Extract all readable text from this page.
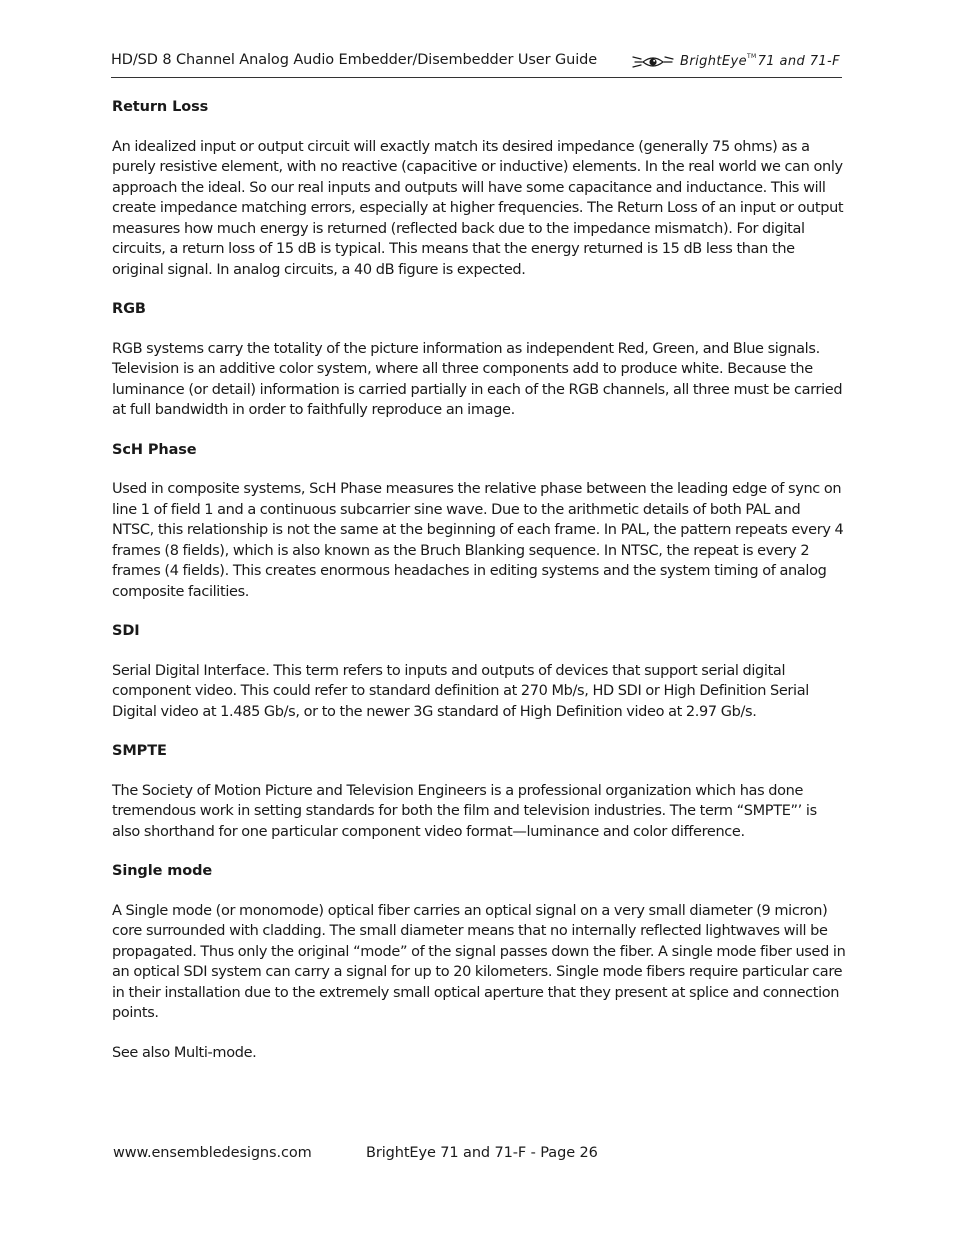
HD/SD 8 Channel Analog Audio Embedder/Disembedder User Guide	BrightEye™71 and 71-F
Return Loss

An idealized input or output circuit will exactly match its desired impedance (generally 75 ohms) as a purely resistive element, with no reactive (capacitive or inductive) elements. In the real world we can only approach the ideal. So our real inputs and outputs will have some capacitance and inductance. This will create impedance matching errors, especially at higher frequencies. The Return Loss of an input or output measures how much energy is returned (reflected back due to the impedance mismatch). For digital circuits, a return loss of 15 dB is typical. This means that the energy returned is 15 dB less than the original signal. In analog circuits, a 40 dB figure is expected.

RGB

RGB systems carry the totality of the picture information as independent Red, Green, and Blue signals. Television is an additive color system, where all three components add to produce white. Because the luminance (or detail) information is carried partially in each of the RGB channels, all three must be carried at full bandwidth in order to faithfully reproduce an image.

ScH Phase

Used in composite systems, ScH Phase measures the relative phase between the leading edge of sync on line 1 of field 1 and a continuous subcarrier sine wave. Due to the arithmetic details of both PAL and NTSC, this relationship is not the same at the beginning of each frame. In PAL, the pattern repeats every 4 frames (8 fields), which is also known as the Bruch Blanking sequence. In NTSC, the repeat is every 2 frames (4 fields). This creates enormous headaches in editing systems and the system timing of analog composite facilities.

SDI

Serial Digital Interface. This term refers to inputs and outputs of devices that support serial digital component video. This could refer to standard definition at 270 Mb/s, HD SDI or High Definition Serial Digital video at 1.485 Gb/s, or to the newer 3G standard of High Definition video at 2.97 Gb/s.

SMPTE

The Society of Motion Picture and Television Engineers is a professional organization which has done tremendous work in setting standards for both the film and television industries. The term “SMPTE”’ is also shorthand for one particular component video format—luminance and color difference.

Single mode

A Single mode (or monomode) optical fiber carries an optical signal on a very small diameter (9 micron) core surrounded with cladding. The small diameter means that no internally reflected lightwaves will be propagated. Thus only the original “mode” of the signal passes down the fiber. A single mode fiber used in an optical SDI system can carry a signal for up to 20 kilometers. Single mode fibers require particular care in their installation due to the extremely small optical aperture that they present at splice and connection points.

See also Multi-mode.

www.ensembledesigns.com	BrightEye 71 and 71-F - Page 26
